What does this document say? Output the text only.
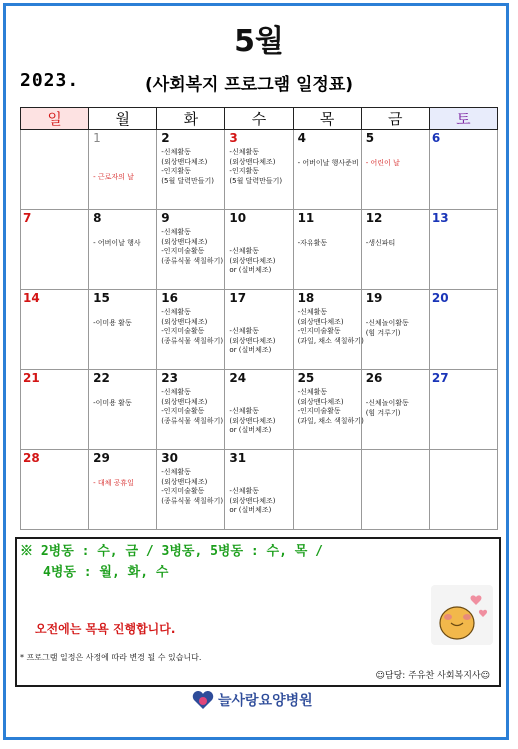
5월
2023.	(사회복지 프로그램 일정표)
일	월	화	수	목	금	토

	1
- 근로자의 날	2
-신체활동
(외상맨다체조)
-인지활동
(5월 달력만들기)	3
-신체활동
(외상맨다체조)
-인지활동
(5월 달력만들기)	4
- 어버이날 행사준비	5
- 어린이 날	6

7	8
- 어버이날 행사	9
-신체활동
(외상맨다체조)
-인지미술활동
(종류식물 색칠하기)	10
-신체활동
(외상맨다체조)
or (실버체조)	11
-자유활동	12
-생신파티	13

14	15
-이미용 활동	16
-신체활동
(외상맨다체조)
-인지미술활동
(종류식물 색칠하기)	17
-신체활동
(외상맨다체조)
or (실버체조)	18
-신체활동
(외상맨다체조)
-인지미술활동
(과일, 채소 색칠하기)	19
-신체놀이활동
(힘 겨루기)	20

21	22
-이미용 활동	23
-신체활동
(외상맨다체조)
-인지미술활동
(종류식물 색칠하기)	24
-신체활동
(외상맨다체조)
or (실버체조)	25
-신체활동
(외상맨다체조)
-인지미술활동
(과일, 채소 색칠하기)	26
-신체놀이활동
(힘 겨루기)	27

28	29
- 대체 공휴일	30
-신체활동
(외상맨다체조)
-인지미술활동
(종류식물 색칠하기)	31
-신체활동
(외상맨다체조)
or (실버체조)			

※ 2병동 : 수, 금 / 3병동, 5병동 : 수, 목 /
4병동 : 월, 화, 수
오전에는 목욕 진행합니다.
* 프로그램 일정은 사정에 따라 변경 될 수 있습니다.
☺담당: 주유찬 사회복지사☺
늘사랑요양병원
